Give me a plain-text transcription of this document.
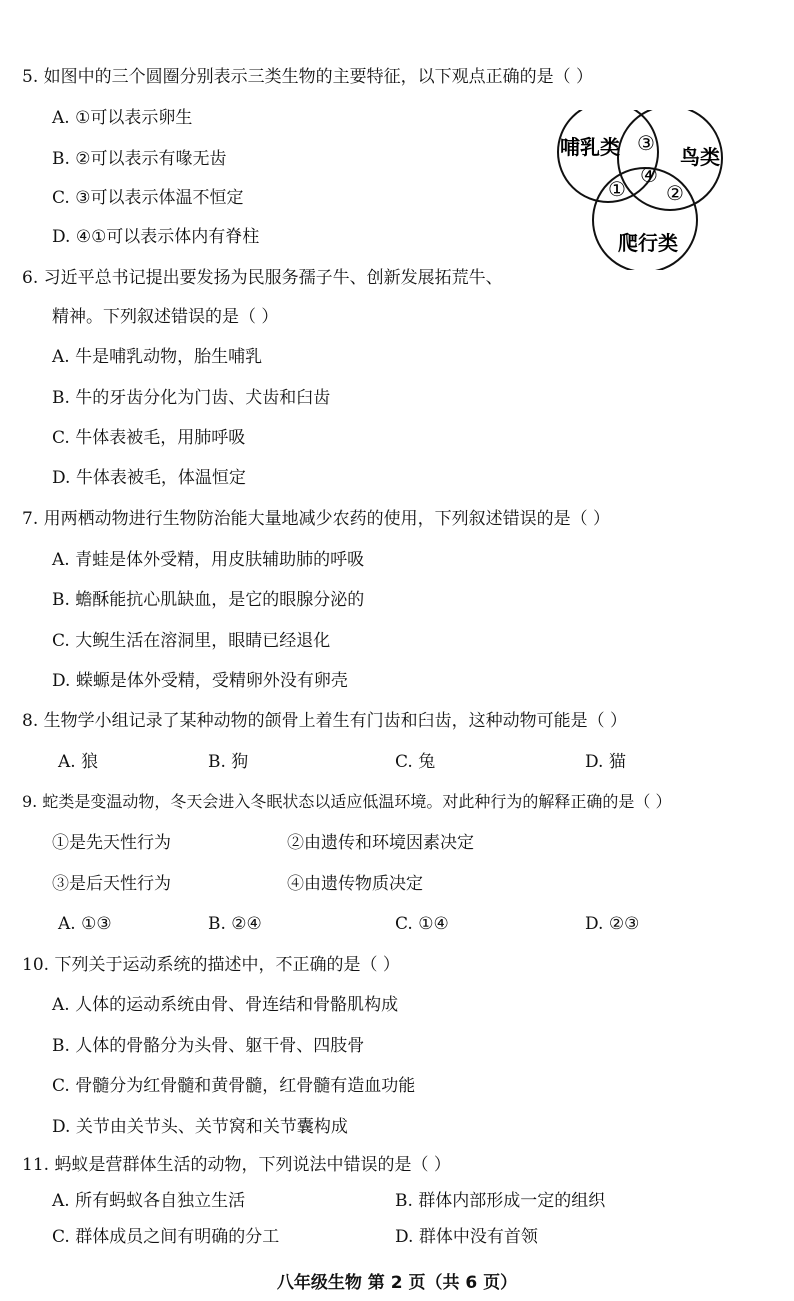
5. 如图中的三个圆圈分别表示三类生物的主要特征，以下观点正确的是（ ）
A. ①可以表示卵生
B. ②可以表示有喙无齿
C. ③可以表示体温不恒定
D. ④①可以表示体内有脊柱
哺乳类	鸟类
爬行类
③
④
① ②
6. 习近平总书记提出要发扬为民服务孺子牛、创新发展拓荒牛、
精神。下列叙述错误的是（ ）
A. 牛是哺乳动物，胎生哺乳
B. 牛的牙齿分化为门齿、犬齿和臼齿
C. 牛体表被毛，用肺呼吸
D. 牛体表被毛，体温恒定
7. 用两栖动物进行生物防治能大量地减少农药的使用，下列叙述错误的是（ ）
A. 青蛙是体外受精，用皮肤辅助肺的呼吸
B. 蟾酥能抗心肌缺血，是它的眼腺分泌的
C. 大鲵生活在溶洞里，眼睛已经退化
D. 蝾螈是体外受精，受精卵外没有卵壳
8. 生物学小组记录了某种动物的颌骨上着生有门齿和臼齿，这种动物可能是（ ）
A. 狼	B. 狗	C. 兔	D. 猫
9. 蛇类是变温动物，冬天会进入冬眠状态以适应低温环境。对此种行为的解释正确的是（ ）
①是先天性行为	②由遗传和环境因素决定
③是后天性行为	④由遗传物质决定
A. ①③	B. ②④	C. ①④	D. ②③
10. 下列关于运动系统的描述中，不正确的是（ ）
A. 人体的运动系统由骨、骨连结和骨骼肌构成
B. 人体的骨骼分为头骨、躯干骨、四肢骨
C. 骨髓分为红骨髓和黄骨髓，红骨髓有造血功能
D. 关节由关节头、关节窝和关节囊构成
11. 蚂蚁是营群体生活的动物，下列说法中错误的是（ ）
A. 所有蚂蚁各自独立生活	B. 群体内部形成一定的组织
C. 群体成员之间有明确的分工	D. 群体中没有首领
八年级生物 第 2 页（共 6 页）
